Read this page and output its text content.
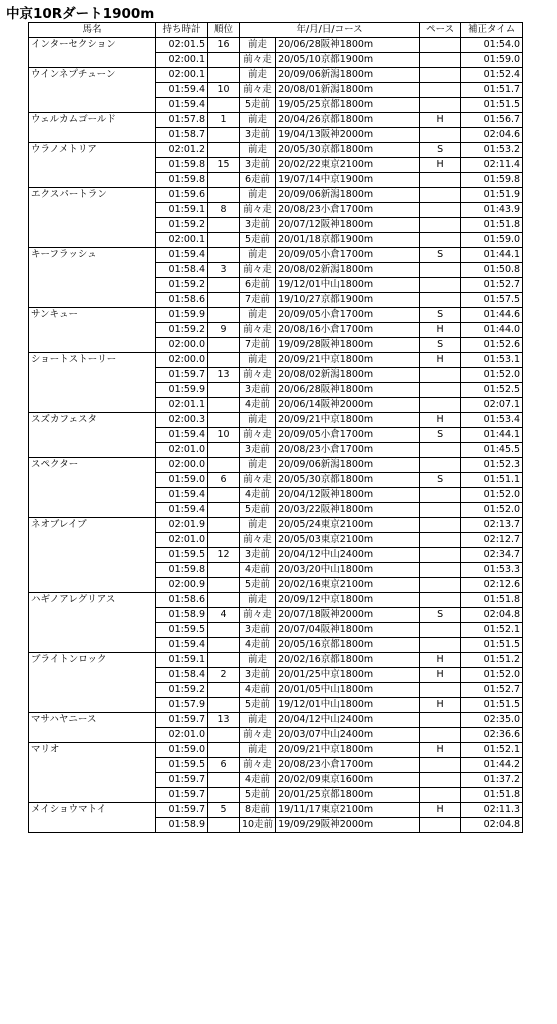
中京10Rダート1900m
馬名	持ち時計	順位	年/月/日/コース		ペース	補正タイム
インターセクション	02:01.5	16	前走	20/06/28阪神1800m		01:54.0
	02:00.1		前々走	20/05/10京都1900m		01:59.0
ウインネプチューン	02:00.1		前走	20/09/06新潟1800m		01:52.4
	01:59.4	10	前々走	20/08/01新潟1800m		01:51.7
	01:59.4		5走前	19/05/25京都1800m		01:51.5
ウェルカムゴールド	01:57.8	1	前走	20/04/26京都1800m	H	01:56.7
	01:58.7		3走前	19/04/13阪神2000m		02:04.6
ウラノメトリア	02:01.2		前走	20/05/30京都1800m	S	01:53.2
	01:59.8	15	3走前	20/02/22東京2100m	H	02:11.4
	01:59.8		6走前	19/07/14中京1900m		01:59.8
エクスパートラン	01:59.6		前走	20/09/06新潟1800m		01:51.9
	01:59.1	8	前々走	20/08/23小倉1700m		01:43.9
	01:59.2		3走前	20/07/12阪神1800m		01:51.8
	02:00.1		5走前	20/01/18京都1900m		01:59.0
キーフラッシュ	01:59.4		前走	20/09/05小倉1700m	S	01:44.1
	01:58.4	3	前々走	20/08/02新潟1800m		01:50.8
	01:59.2		6走前	19/12/01中山1800m		01:52.7
	01:58.6		7走前	19/10/27京都1900m		01:57.5
サンキュー	01:59.9		前走	20/09/05小倉1700m	S	01:44.6
	01:59.2	9	前々走	20/08/16小倉1700m	H	01:44.0
	02:00.0		7走前	19/09/28阪神1800m	S	01:52.6
ショートストーリー	02:00.0		前走	20/09/21中京1800m	H	01:53.1
	01:59.7	13	前々走	20/08/02新潟1800m		01:52.0
	01:59.9		3走前	20/06/28阪神1800m		01:52.5
	02:01.1		4走前	20/06/14阪神2000m		02:07.1
スズカフェスタ	02:00.3		前走	20/09/21中京1800m	H	01:53.4
	01:59.4	10	前々走	20/09/05小倉1700m	S	01:44.1
	02:01.0		3走前	20/08/23小倉1700m		01:45.5
スペクター	02:00.0		前走	20/09/06新潟1800m		01:52.3
	01:59.0	6	前々走	20/05/30京都1800m	S	01:51.1
	01:59.4		4走前	20/04/12阪神1800m		01:52.0
	01:59.4		5走前	20/03/22阪神1800m		01:52.0
ネオブレイブ	02:01.9		前走	20/05/24東京2100m		02:13.7
	02:01.0		前々走	20/05/03東京2100m		02:12.7
	01:59.5	12	3走前	20/04/12中山2400m		02:34.7
	01:59.8		4走前	20/03/20中山1800m		01:53.3
	02:00.9		5走前	20/02/16東京2100m		02:12.6
ハギノアレグリアス	01:58.6		前走	20/09/12中京1800m		01:51.8
	01:58.9	4	前々走	20/07/18阪神2000m	S	02:04.8
	01:59.5		3走前	20/07/04阪神1800m		01:52.1
	01:59.4		4走前	20/05/16京都1800m		01:51.5
ブライトンロック	01:59.1		前走	20/02/16京都1800m	H	01:51.2
	01:58.4	2	3走前	20/01/25中京1800m	H	01:52.0
	01:59.2		4走前	20/01/05中山1800m		01:52.7
	01:57.9		5走前	19/12/01中山1800m	H	01:51.5
マサハヤニース	01:59.7	13	前走	20/04/12中山2400m		02:35.0
	02:01.0		前々走	20/03/07中山2400m		02:36.6
マリオ	01:59.0		前走	20/09/21中京1800m	H	01:52.1
	01:59.5	6	前々走	20/08/23小倉1700m		01:44.2
	01:59.7		4走前	20/02/09東京1600m		01:37.2
	01:59.7		5走前	20/01/25京都1800m		01:51.8
メイショウマトイ	01:59.7	5	8走前	19/11/17東京2100m	H	02:11.3
	01:58.9		10走前	19/09/29阪神2000m		02:04.8
